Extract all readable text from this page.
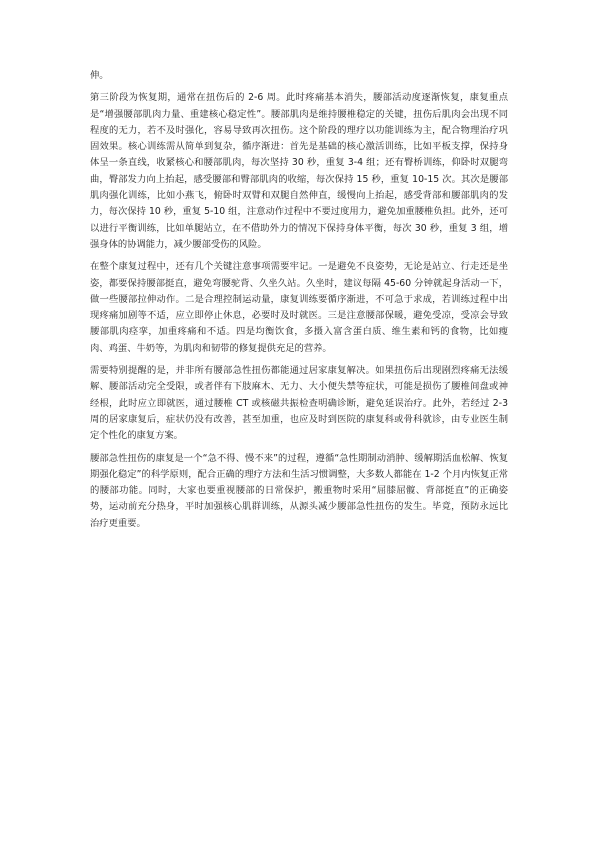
伸。

第三阶段为恢复期，通常在扭伤后的 2-6 周。此时疼痛基本消失，腰部活动度逐渐恢复，康复重点是“增强腰部肌肉力量、重建核心稳定性”。腰部肌肉是维持腰椎稳定的关键，扭伤后肌肉会出现不同程度的无力，若不及时强化，容易导致再次扭伤。这个阶段的理疗以功能训练为主，配合物理治疗巩固效果。核心训练需从简单到复杂，循序渐进：首先是基础的核心激活训练，比如平板支撑，保持身体呈一条直线，收紧核心和腰部肌肉，每次坚持 30 秒，重复 3-4 组；还有臀桥训练，仰卧时双腿弯曲，臀部发力向上抬起，感受腰部和臀部肌肉的收缩，每次保持 15 秒，重复 10-15 次。其次是腰部肌肉强化训练，比如小燕飞，俯卧时双臂和双腿自然伸直，缓慢向上抬起，感受背部和腰部肌肉的发力，每次保持 10 秒，重复 5-10 组，注意动作过程中不要过度用力，避免加重腰椎负担。此外，还可以进行平衡训练，比如单腿站立，在不借助外力的情况下保持身体平衡，每次 30 秒，重复 3 组，增强身体的协调能力，减少腰部受伤的风险。

在整个康复过程中，还有几个关键注意事项需要牢记。一是避免不良姿势，无论是站立、行走还是坐姿，都要保持腰部挺直，避免弯腰驼背、久坐久站。久坐时，建议每隔 45-60 分钟就起身活动一下，做一些腰部拉伸动作。二是合理控制运动量，康复训练要循序渐进，不可急于求成，若训练过程中出现疼痛加剧等不适，应立即停止休息，必要时及时就医。三是注意腰部保暖，避免受凉，受凉会导致腰部肌肉痉挛，加重疼痛和不适。四是均衡饮食，多摄入富含蛋白质、维生素和钙的食物，比如瘦肉、鸡蛋、牛奶等，为肌肉和韧带的修复提供充足的营养。

需要特别提醒的是，并非所有腰部急性扭伤都能通过居家康复解决。如果扭伤后出现剧烈疼痛无法缓解、腰部活动完全受限，或者伴有下肢麻木、无力、大小便失禁等症状，可能是损伤了腰椎间盘或神经根，此时应立即就医，通过腰椎 CT 或核磁共振检查明确诊断，避免延误治疗。此外，若经过 2-3 周的居家康复后，症状仍没有改善，甚至加重，也应及时到医院的康复科或骨科就诊，由专业医生制定个性化的康复方案。

腰部急性扭伤的康复是一个“急不得、慢不来”的过程，遵循“急性期制动消肿、缓解期活血松解、恢复期强化稳定”的科学原则，配合正确的理疗方法和生活习惯调整，大多数人都能在 1-2 个月内恢复正常的腰部功能。同时，大家也要重视腰部的日常保护，搬重物时采用“屈膝屈髋、背部挺直”的正确姿势，运动前充分热身，平时加强核心肌群训练，从源头减少腰部急性扭伤的发生。毕竟，预防永远比治疗更重要。
